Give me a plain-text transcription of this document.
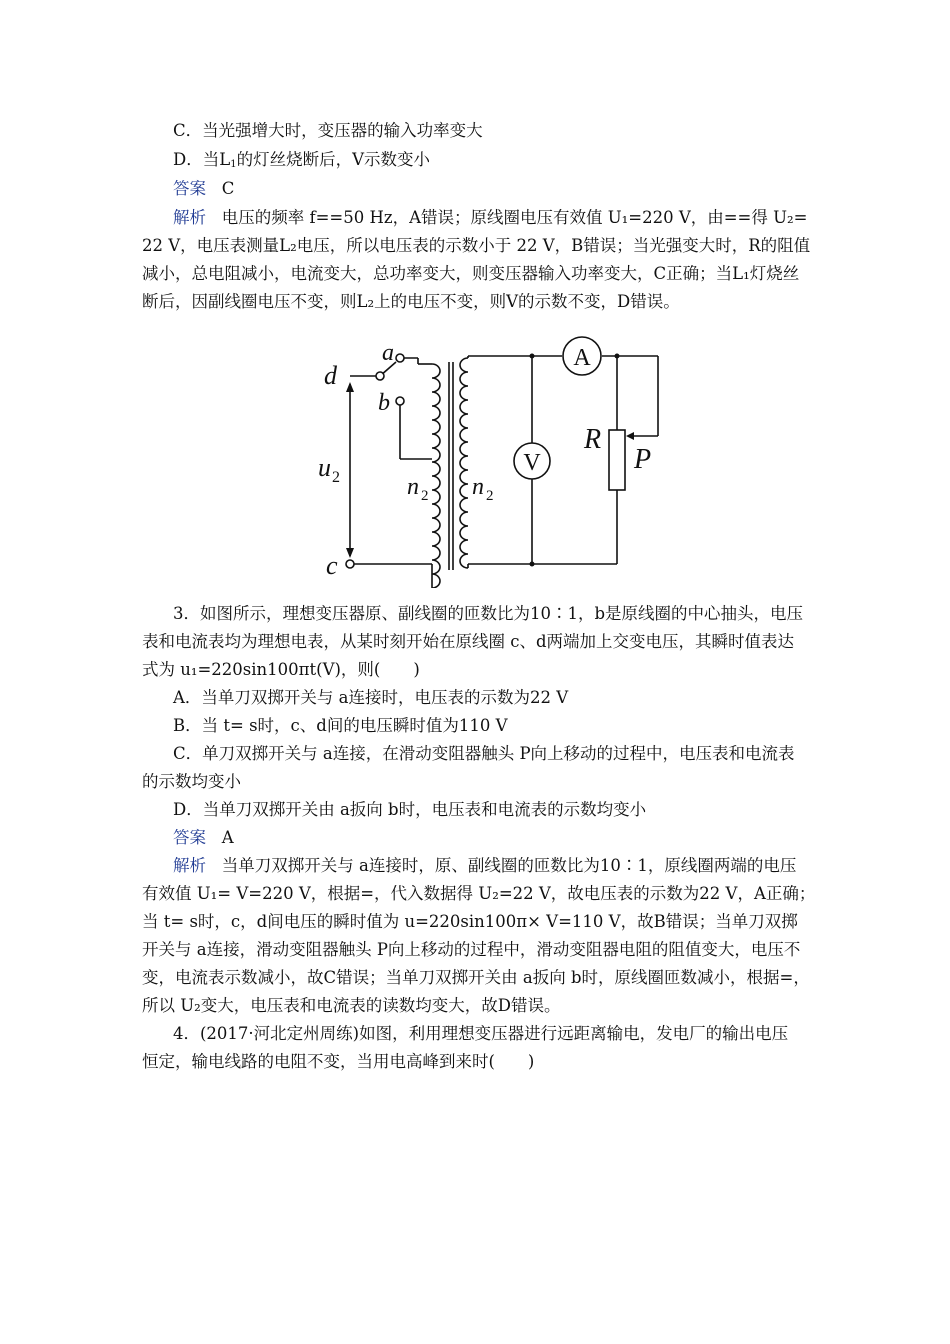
C．当光强增大时，变压器的输入功率变大
D．当$L_1$的灯丝烧断后，V示数变小
答案 C
解析 电压的频率 f==50 Hz，A错误；原线圈电压有效值 U₁=220 V，由==得 U₂=
22 V，电压表测量L₂电压，所以电压表的示数小于 22 V，B错误；当光强变大时，R的阻值
减小，总电阻减小，电流变大，总功率变大，则变压器输入功率变大，C正确；当L₁灯烧丝
断后，因副线圈电压不变，则L₂上的电压不变，则V的示数不变，D错误。
a
b
d
c
u 2	n 2 n 2
A
V
R
P
3．如图所示，理想变压器原、副线圈的匝数比为10∶1，b是原线圈的中心抽头，电压
表和电流表均为理想电表，从某时刻开始在原线圈 c、d两端加上交变电压，其瞬时值表达
式为 u₁=220sin100πt(V)，则(　　)
A．当单刀双掷开关与 a连接时，电压表的示数为22 V
B．当 t= s时，c、d间的电压瞬时值为110 V
C．单刀双掷开关与 a连接，在滑动变阻器触头 P向上移动的过程中，电压表和电流表
的示数均变小
D．当单刀双掷开关由 a扳向 b时，电压表和电流表的示数均变小
答案 A
解析 当单刀双掷开关与 a连接时，原、副线圈的匝数比为10∶1，原线圈两端的电压
有效值 U₁= V=220 V，根据=，代入数据得 U₂=22 V，故电压表的示数为22 V，A正确；
当 t= s时，c，d间电压的瞬时值为 u=220sin100π× V=110 V，故B错误；当单刀双掷
开关与 a连接，滑动变阻器触头 P向上移动的过程中，滑动变阻器电阻的阻值变大，电压不
变，电流表示数减小，故C错误；当单刀双掷开关由 a扳向 b时，原线圈匝数减小，根据=，
所以 U₂变大，电压表和电流表的读数均变大，故D错误。
4．(2017·河北定州周练)如图，利用理想变压器进行远距离输电，发电厂的输出电压
恒定，输电线路的电阻不变，当用电高峰到来时(　　)
